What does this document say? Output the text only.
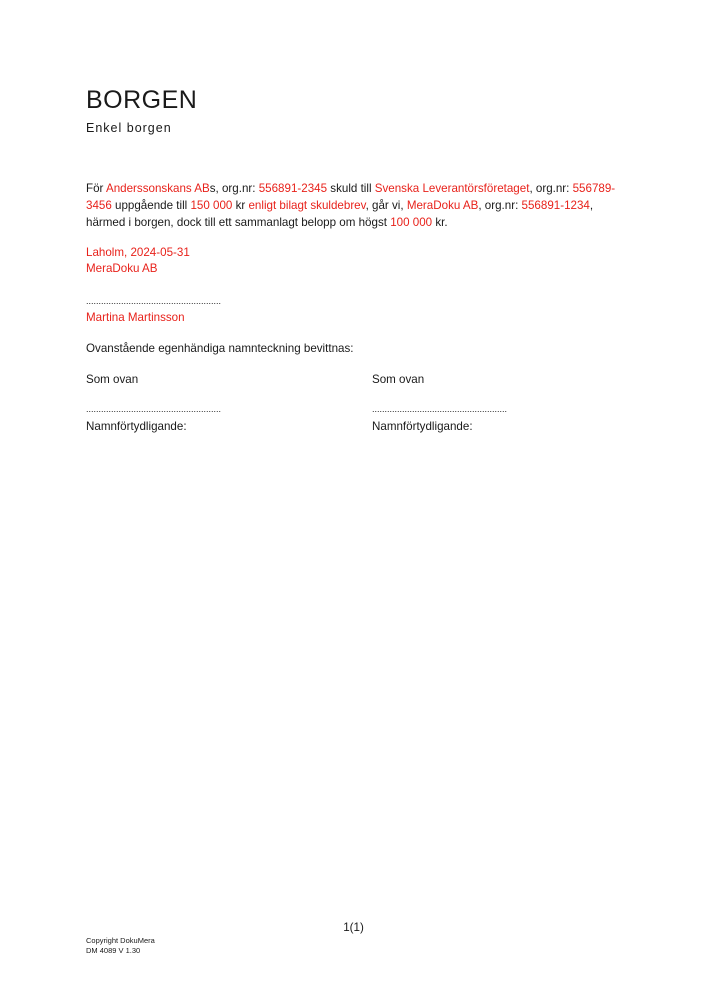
BORGEN
Enkel borgen
För Anderssonskans ABs, org.nr: 556891-2345 skuld till Svenska Leverantörsföretaget, org.nr: 556789-3456 uppgående till 150 000 kr enligt bilagt skuldebrev, går vi, MeraDoku AB, org.nr: 556891-1234, härmed i borgen, dock till ett sammanlagt belopp om högst 100 000 kr.
Laholm, 2024-05-31
MeraDoku AB
......................................................
Martina Martinsson
Ovanstående egenhändiga namnteckning bevittnas:
Som ovan
......................................................
Namnförtydligande:
Som ovan
......................................................
Namnförtydligande:
1(1)
Copyright DokuMera
DM 4089 V 1.30
